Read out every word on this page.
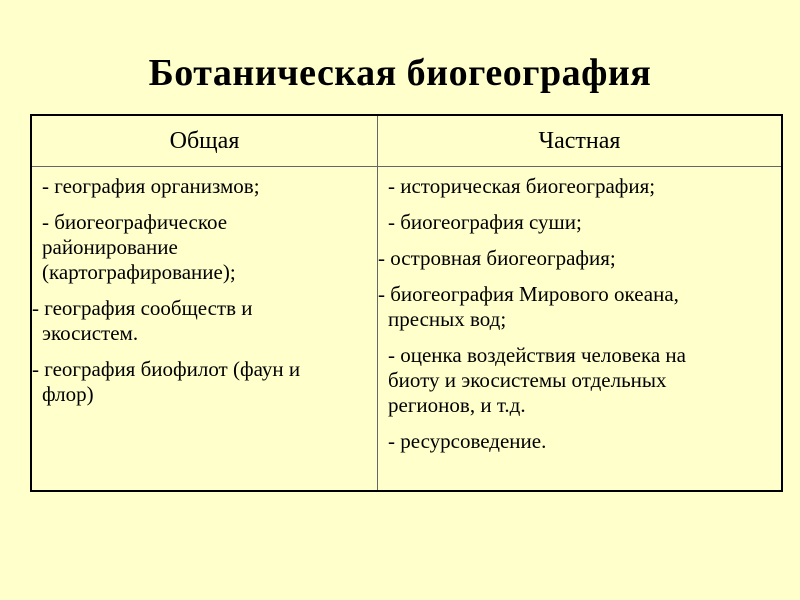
Ботаническая биогеография
Общая	Частная
- география организмов;
- биогеографическое
районирование
(картографирование);
- география сообществ и
экосистем.
- география биофилот (фаун и
флор)
- историческая биогеография;
- биогеография суши;
- островная биогеография;
- биогеография Мирового океана,
пресных вод;
- оценка воздействия человека на
биоту и экосистемы отдельных
регионов, и т.д.
- ресурсоведение.
